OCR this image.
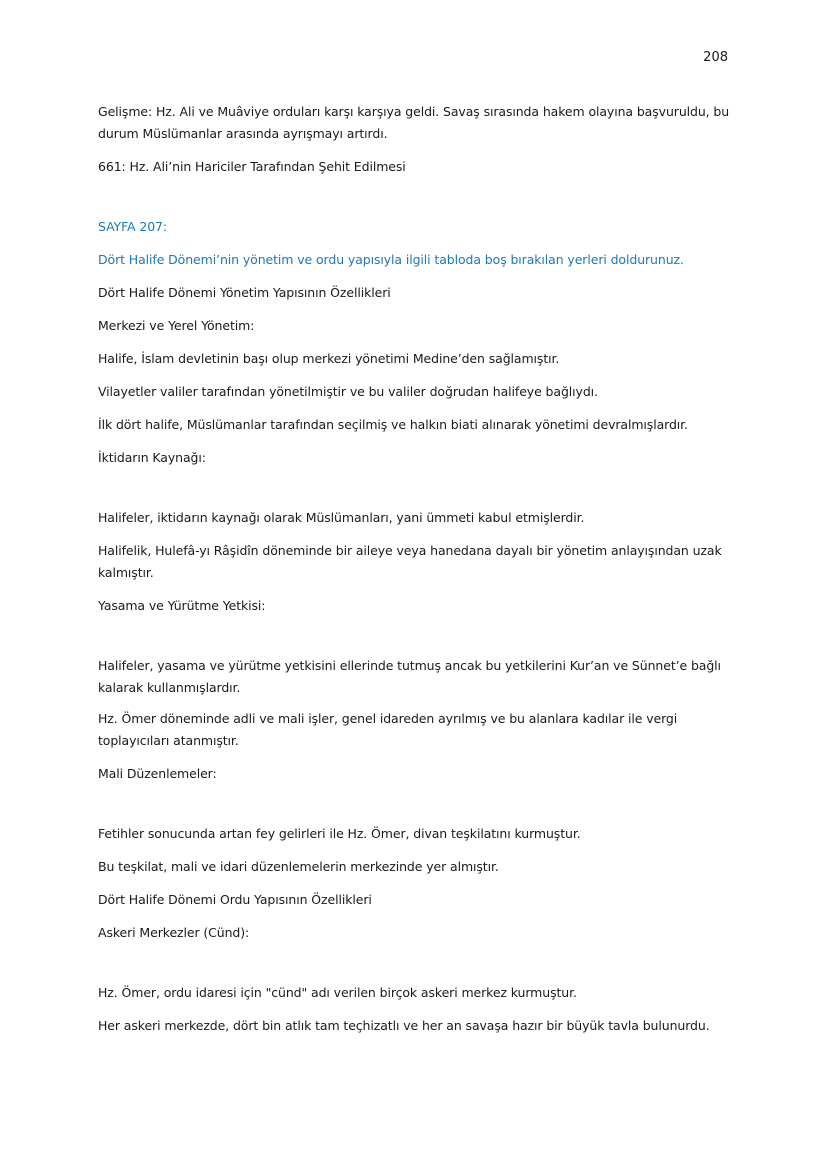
208

Gelişme: Hz. Ali ve Muâviye orduları karşı karşıya geldi. Savaş sırasında hakem olayına başvuruldu, bu durum Müslümanlar arasında ayrışmayı artırdı.

661: Hz. Ali’nin Hariciler Tarafından Şehit Edilmesi

SAYFA 207:

Dört Halife Dönemi’nin yönetim ve ordu yapısıyla ilgili tabloda boş bırakılan yerleri doldurunuz.

Dört Halife Dönemi Yönetim Yapısının Özellikleri

Merkezi ve Yerel Yönetim:

Halife, İslam devletinin başı olup merkezi yönetimi Medine’den sağlamıştır.

Vilayetler valiler tarafından yönetilmiştir ve bu valiler doğrudan halifeye bağlıydı.

İlk dört halife, Müslümanlar tarafından seçilmiş ve halkın biati alınarak yönetimi devralmışlardır.

İktidarın Kaynağı:

Halifeler, iktidarın kaynağı olarak Müslümanları, yani ümmeti kabul etmişlerdir.

Halifelik, Hulefâ-yı Râşidîn döneminde bir aileye veya hanedana dayalı bir yönetim anlayışından uzak kalmıştır.

Yasama ve Yürütme Yetkisi:

Halifeler, yasama ve yürütme yetkisini ellerinde tutmuş ancak bu yetkilerini Kur’an ve Sünnet’e bağlı kalarak kullanmışlardır.

Hz. Ömer döneminde adli ve mali işler, genel idareden ayrılmış ve bu alanlara kadılar ile vergi toplayıcıları atanmıştır.

Mali Düzenlemeler:

Fetihler sonucunda artan fey gelirleri ile Hz. Ömer, divan teşkilatını kurmuştur.

Bu teşkilat, mali ve idari düzenlemelerin merkezinde yer almıştır.

Dört Halife Dönemi Ordu Yapısının Özellikleri

Askeri Merkezler (Cünd):

Hz. Ömer, ordu idaresi için "cünd" adı verilen birçok askeri merkez kurmuştur.

Her askeri merkezde, dört bin atlık tam teçhizatlı ve her an savaşa hazır bir büyük tavla bulunurdu.
